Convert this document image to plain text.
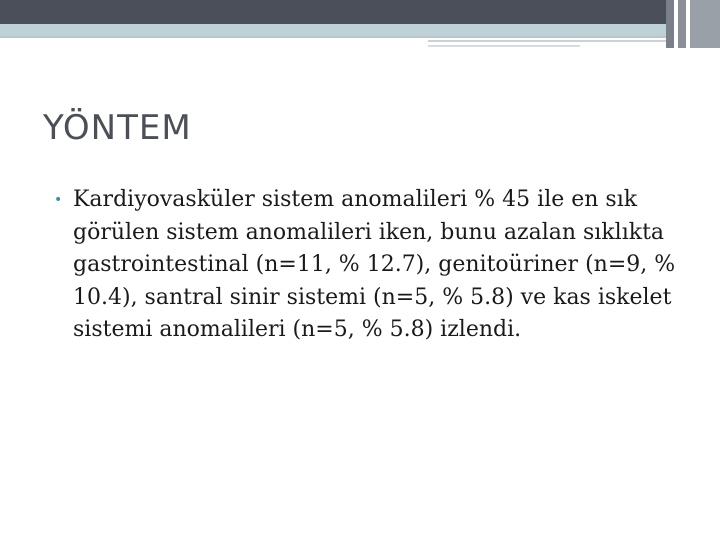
YÖNTEM
• Kardiyovasküler sistem anomalileri % 45 ile en sık görülen sistem anomalileri iken, bunu azalan sıklıkta gastrointestinal (n=11, % 12.7), genitoüriner (n=9, % 10.4), santral sinir sistemi (n=5, % 5.8) ve kas iskelet sistemi anomalileri (n=5, % 5.8) izlendi.
